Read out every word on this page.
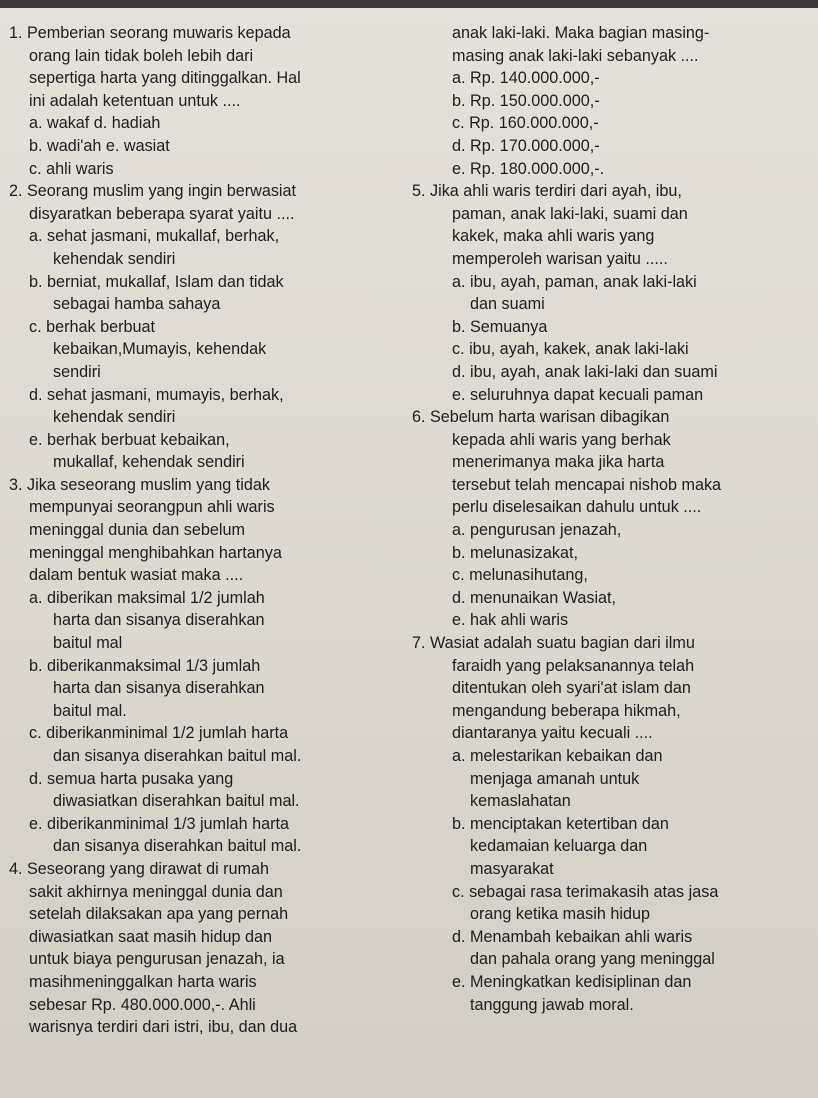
1. Pemberian seorang muwaris kepada
orang lain tidak boleh lebih dari
sepertiga harta yang ditinggalkan. Hal
ini adalah ketentuan untuk ....
a. wakaf d. hadiah
b. wadi'ah e. wasiat
c. ahli waris
2. Seorang muslim yang ingin berwasiat
disyaratkan beberapa syarat yaitu ....
a. sehat jasmani, mukallaf, berhak,
kehendak sendiri
b. berniat, mukallaf, Islam dan tidak
sebagai hamba sahaya
c. berhak berbuat
kebaikan,Mumayis, kehendak
sendiri
d. sehat jasmani, mumayis, berhak,
kehendak sendiri
e. berhak berbuat kebaikan,
mukallaf, kehendak sendiri
3. Jika seseorang muslim yang tidak
mempunyai seorangpun ahli waris
meninggal dunia dan sebelum
meninggal menghibahkan hartanya
dalam bentuk wasiat maka ....
a. diberikan maksimal 1/2 jumlah
harta dan sisanya diserahkan
baitul mal
b. diberikanmaksimal 1/3 jumlah
harta dan sisanya diserahkan
baitul mal.
c. diberikanminimal 1/2 jumlah harta
dan sisanya diserahkan baitul mal.
d. semua harta pusaka yang
diwasiatkan diserahkan baitul mal.
e. diberikanminimal 1/3 jumlah harta
dan sisanya diserahkan baitul mal.
4. Seseorang yang dirawat di rumah
sakit akhirnya meninggal dunia dan
setelah dilaksakan apa yang pernah
diwasiatkan saat masih hidup dan
untuk biaya pengurusan jenazah, ia
masihmeninggalkan harta waris
sebesar Rp. 480.000.000,-. Ahli
warisnya terdiri dari istri, ibu, dan dua
anak laki-laki. Maka bagian masing-
masing anak laki-laki sebanyak ....
a. Rp. 140.000.000,-
b. Rp. 150.000.000,-
c. Rp. 160.000.000,-
d. Rp. 170.000.000,-
e. Rp. 180.000.000,-.
5. Jika ahli waris terdiri dari ayah, ibu,
paman, anak laki-laki, suami dan
kakek, maka ahli waris yang
memperoleh warisan yaitu .....
a. ibu, ayah, paman, anak laki-laki
dan suami
b. Semuanya
c. ibu, ayah, kakek, anak laki-laki
d. ibu, ayah, anak laki-laki dan suami
e. seluruhnya dapat kecuali paman
6. Sebelum harta warisan dibagikan
kepada ahli waris yang berhak
menerimanya maka jika harta
tersebut telah mencapai nishob maka
perlu diselesaikan dahulu untuk ....
a. pengurusan jenazah,
b. melunasizakat,
c. melunasihutang,
d. menunaikan Wasiat,
e. hak ahli waris
7. Wasiat adalah suatu bagian dari ilmu
faraidh yang pelaksanannya telah
ditentukan oleh syari'at islam dan
mengandung beberapa hikmah,
diantaranya yaitu kecuali ....
a. melestarikan kebaikan dan
menjaga amanah untuk
kemaslahatan
b. menciptakan ketertiban dan
kedamaian keluarga dan
masyarakat
c. sebagai rasa terimakasih atas jasa
orang ketika masih hidup
d. Menambah kebaikan ahli waris
dan pahala orang yang meninggal
e. Meningkatkan kedisiplinan dan
tanggung jawab moral.
